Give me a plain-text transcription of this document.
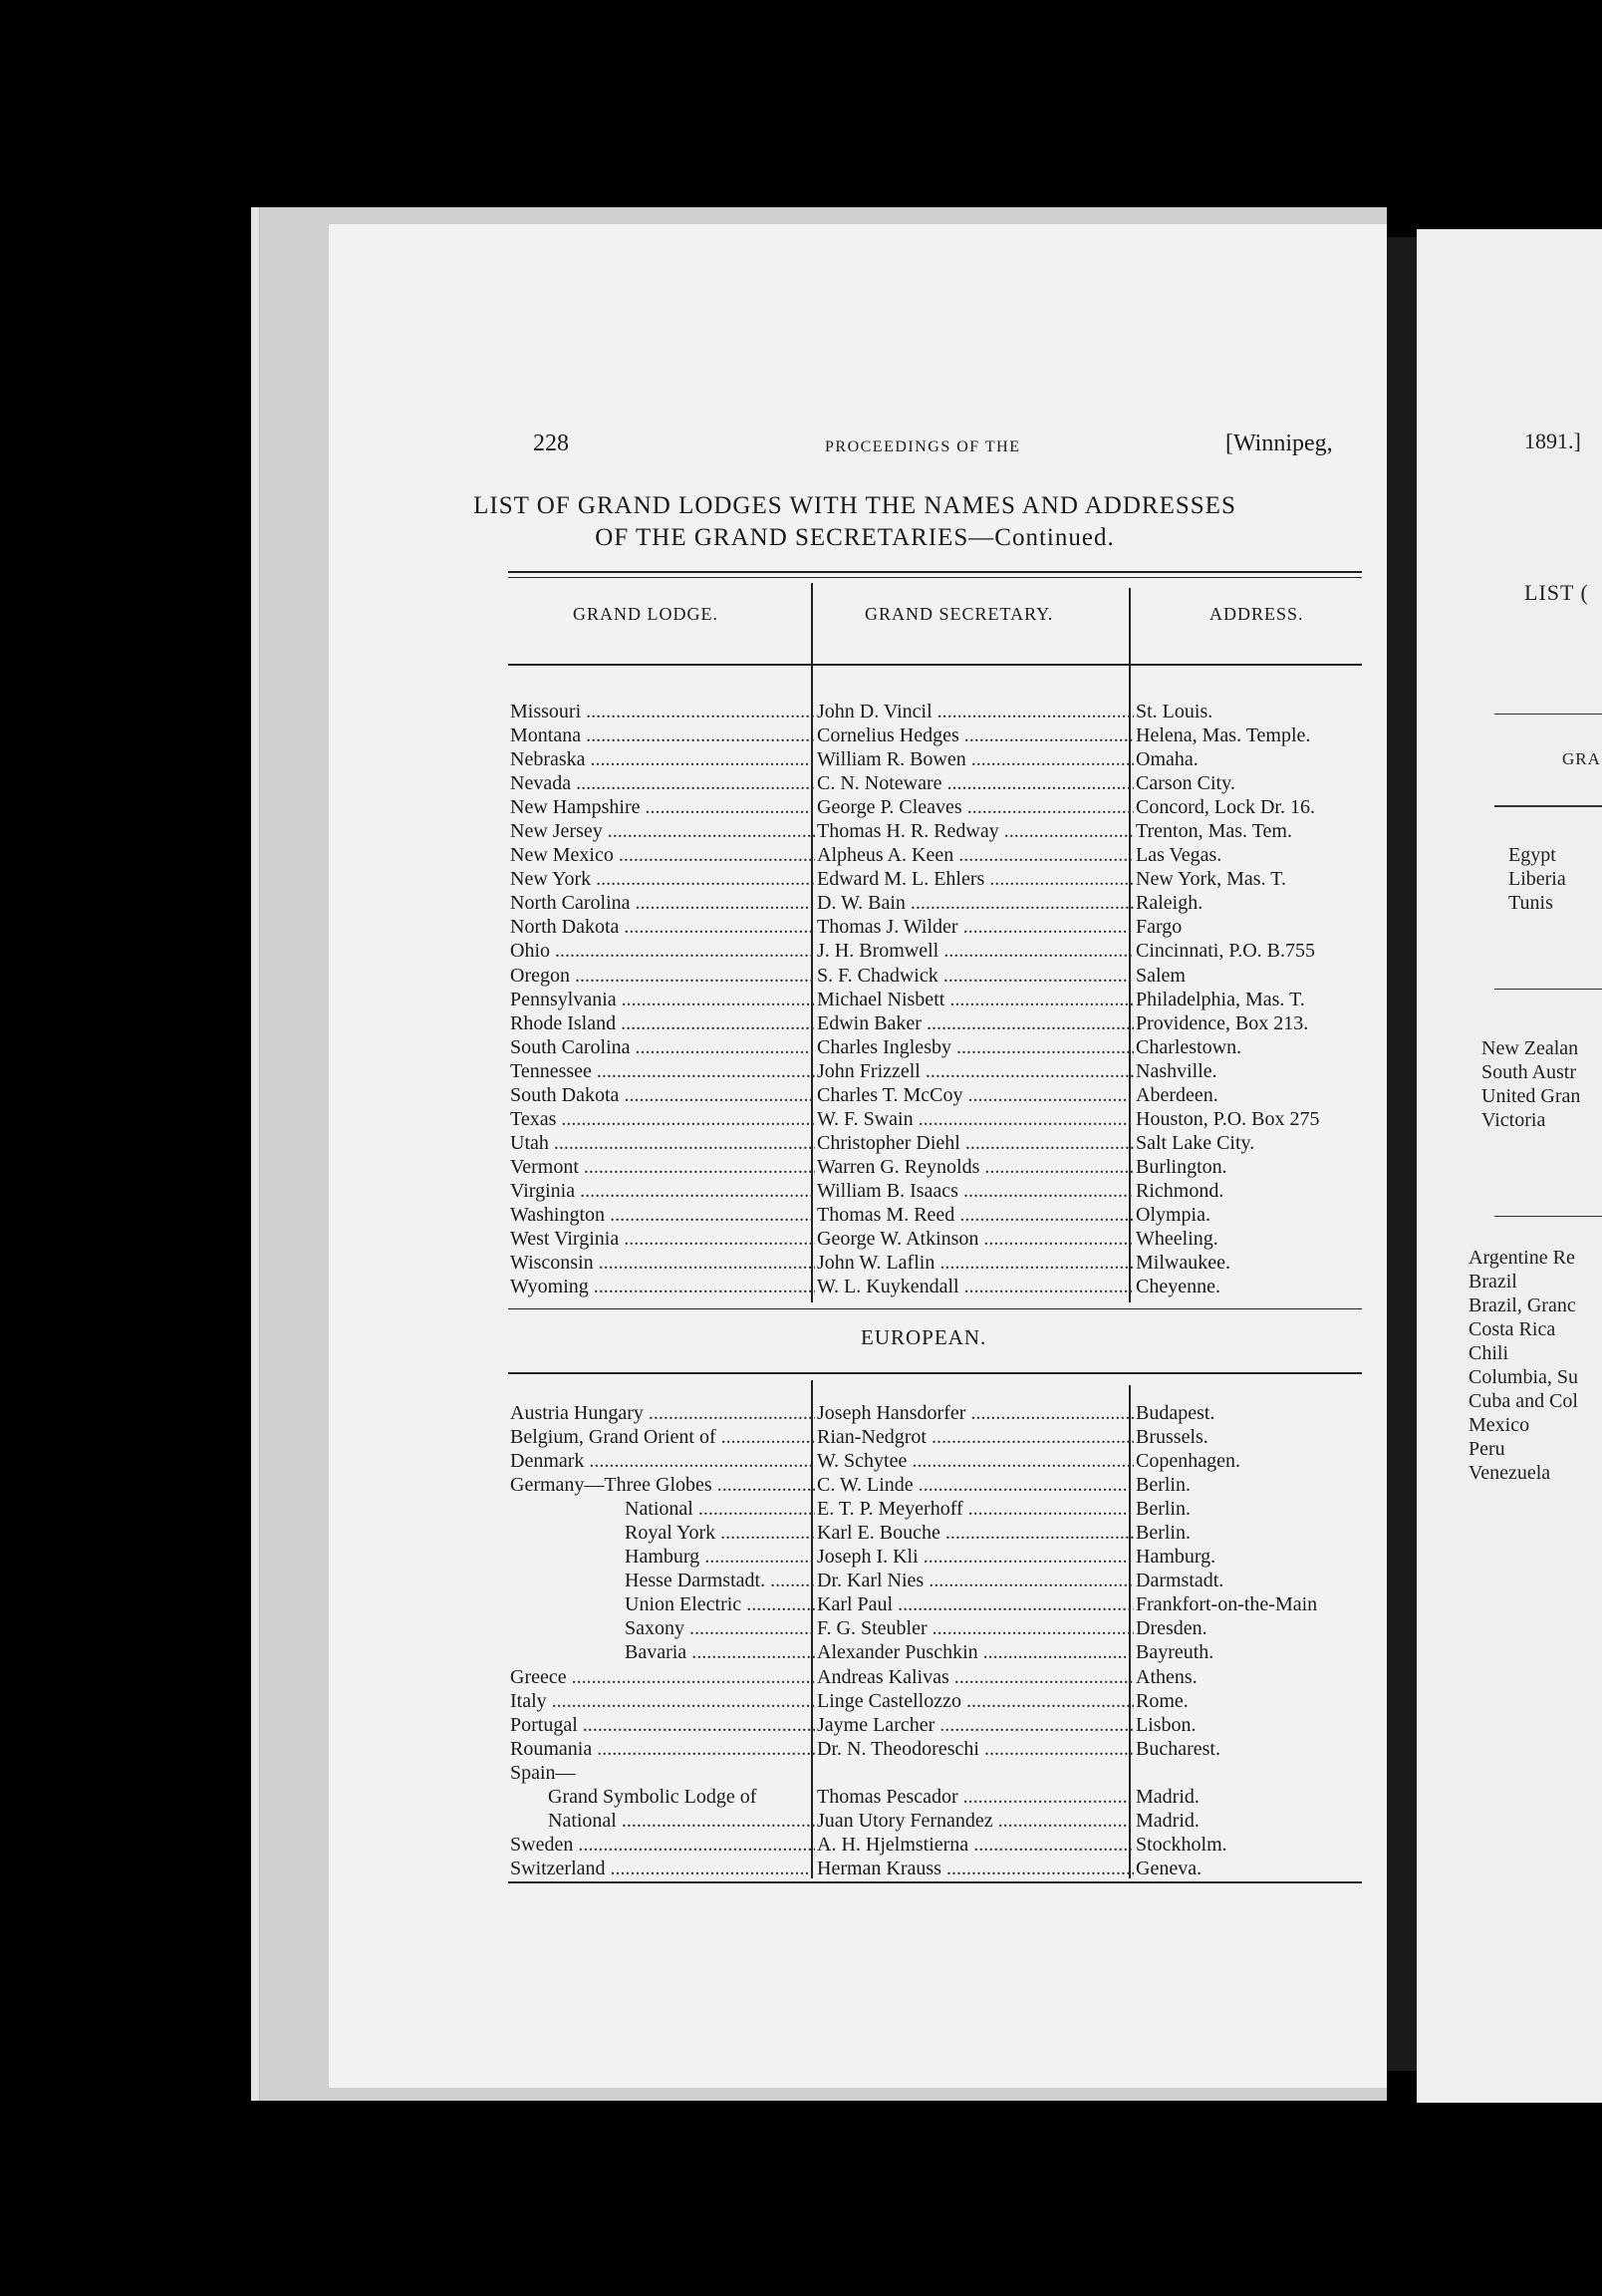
228	PROCEEDINGS OF THE	[Winnipeg,
LIST OF GRAND LODGES WITH THE NAMES AND ADDRESSES
OF THE GRAND SECRETARIES—Continued.
GRAND LODGE.	GRAND SECRETARY.	ADDRESS.
Missouri .....	John D. Vincil .....	St. Louis.
Montana .....	Cornelius Hedges .....	Helena, Mas. Temple.
Nebraska .....	William R. Bowen .....	Omaha.
Nevada .....	C. N. Noteware .....	Carson City.
New Hampshire .....	George P. Cleaves .....	Concord, Lock Dr. 16.
New Jersey .....	Thomas H. R. Redway .....	Trenton, Mas. Tem.
New Mexico .....	Alpheus A. Keen .....	Las Vegas.
New York .....	Edward M. L. Ehlers .....	New York, Mas. T.
North Carolina .....	D. W. Bain .....	Raleigh.
North Dakota .....	Thomas J. Wilder .....	Fargo
Ohio .....	J. H. Bromwell .....	Cincinnati, P.O. B.755
Oregon .....	S. F. Chadwick .....	Salem
Pennsylvania .....	Michael Nisbett .....	Philadelphia, Mas. T.
Rhode Island .....	Edwin Baker .....	Providence, Box 213.
South Carolina .....	Charles Inglesby .....	Charlestown.
Tennessee .....	John Frizzell .....	Nashville.
South Dakota .....	Charles T. McCoy .....	Aberdeen.
Texas .....	W. F. Swain .....	Houston, P.O. Box 275
Utah .....	Christopher Diehl .....	Salt Lake City.
Vermont .....	Warren G. Reynolds .....	Burlington.
Virginia .....	William B. Isaacs .....	Richmond.
Washington .....	Thomas M. Reed .....	Olympia.
West Virginia .....	George W. Atkinson .....	Wheeling.
Wisconsin .....	John W. Laflin .....	Milwaukee.
Wyoming .....	W. L. Kuykendall .....	Cheyenne.
EUROPEAN.
Austria Hungary .....	Joseph Hansdorfer .....	Budapest.
Belgium, Grand Orient of .....	Rian-Nedgrot .....	Brussels.
Denmark .....	W. Schytee .....	Copenhagen.
Germany—Three Globes .....	C. W. Linde .....	Berlin.
National .....	E. T. P. Meyerhoff .....	Berlin.
Royal York .....	Karl E. Bouche .....	Berlin.
Hamburg .....	Joseph I. Kli .....	Hamburg.
Hesse Darmstadt. .....	Dr. Karl Nies .....	Darmstadt.
Union Electric .....	Karl Paul .....	Frankfort-on-the-Main
Saxony .....	F. G. Steubler .....	Dresden.
Bavaria .....	Alexander Puschkin .....	Bayreuth.
Greece .....	Andreas Kalivas .....	Athens.
Italy .....	Linge Castellozzo .....	Rome.
Portugal .....	Jayme Larcher .....	Lisbon.
Roumania .....	Dr. N. Theodoreschi .....	Bucharest.
Spain—
Grand Symbolic Lodge of	Thomas Pescador .....	Madrid.
National .....	Juan Utory Fernandez .....	Madrid.
Sweden .....	A. H. Hjelmstierna .....	Stockholm.
Switzerland .....	Herman Krauss .....	Geneva.
1891.]
LIST (
GRA
Egypt
Liberia
Tunis
New Zealan
South Austr
United Gran
Victoria
Argentine Re
Brazil
Brazil, Granc
Costa Rica
Chili
Columbia, Su
Cuba and Col
Mexico
Peru
Venezuela
